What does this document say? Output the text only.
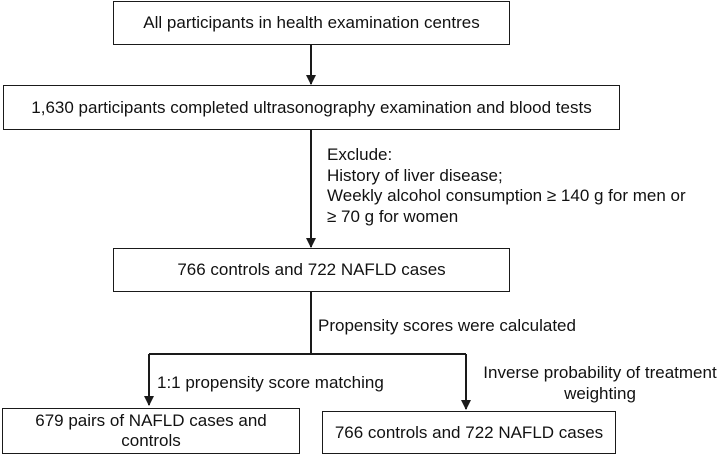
All participants in health examination centres
1,630 participants completed ultrasonography examination and blood tests
Exclude:
History of liver disease;
Weekly alcohol consumption ≥ 140 g for men or
≥ 70 g for women
766 controls and 722 NAFLD cases
Propensity scores were calculated
1:1 propensity score matching
Inverse probability of treatment
weighting
679 pairs of NAFLD cases and
controls	766 controls and 722 NAFLD cases
